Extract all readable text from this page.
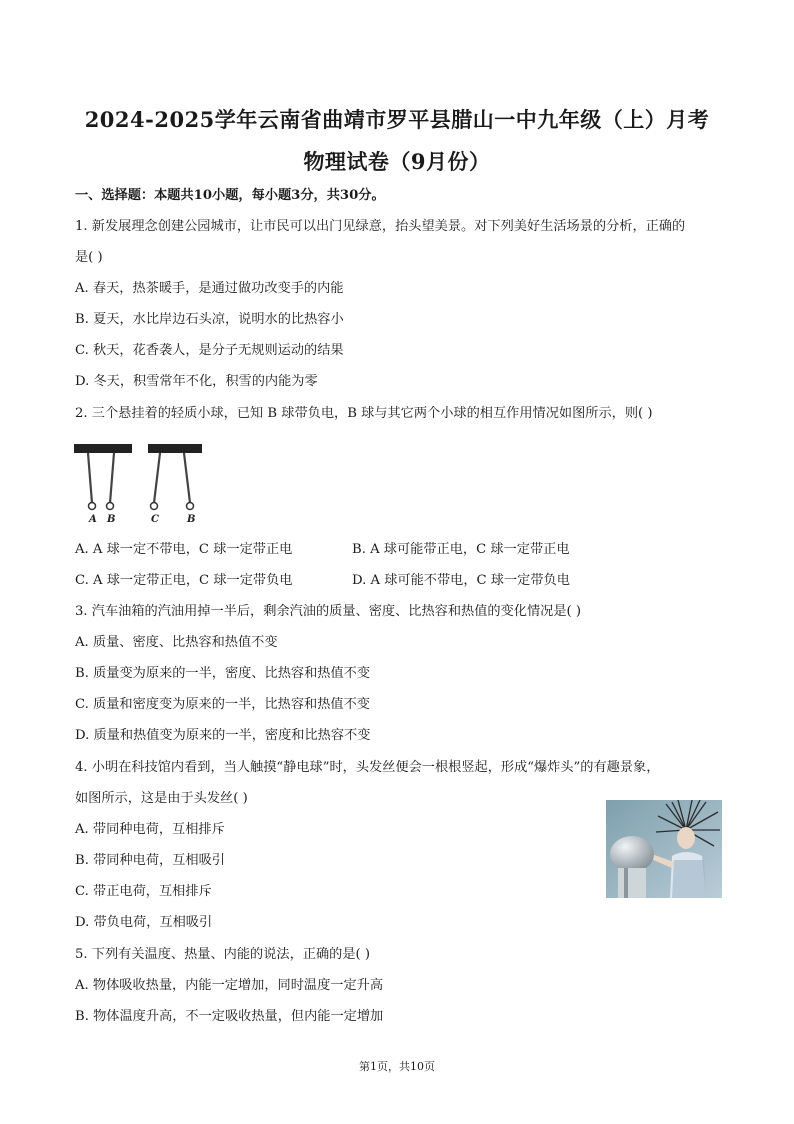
2024-2025学年云南省曲靖市罗平县腊山一中九年级（上）月考
物理试卷（9月份）
一、选择题：本题共10小题，每小题3分，共30分。
1. 新发展理念创建公园城市，让市民可以出门见绿意，抬头望美景。对下列美好生活场景的分析，正确的
是( )
A. 春天，热茶暖手，是通过做功改变手的内能
B. 夏天，水比岸边石头凉，说明水的比热容小
C. 秋天，花香袭人，是分子无规则运动的结果
D. 冬天，积雪常年不化，积雪的内能为零
2. 三个悬挂着的轻质小球，已知 B 球带负电，B 球与其它两个小球的相互作用情况如图所示，则( )
A B	C	B
A. A 球一定不带电，C 球一定带正电	B. A 球可能带正电，C 球一定带正电
C. A 球一定带正电，C 球一定带负电	D. A 球可能不带电，C 球一定带负电
3. 汽车油箱的汽油用掉一半后，剩余汽油的质量、密度、比热容和热值的变化情况是( )
A. 质量、密度、比热容和热值不变
B. 质量变为原来的一半，密度、比热容和热值不变
C. 质量和密度变为原来的一半，比热容和热值不变
D. 质量和热值变为原来的一半，密度和比热容不变
4. 小明在科技馆内看到，当人触摸“静电球”时，头发丝便会一根根竖起，形成“爆炸头”的有趣景象，
如图所示，这是由于头发丝( )
A. 带同种电荷，互相排斥
B. 带同种电荷，互相吸引
C. 带正电荷，互相排斥
D. 带负电荷，互相吸引
5. 下列有关温度、热量、内能的说法，正确的是( )
A. 物体吸收热量，内能一定增加，同时温度一定升高
B. 物体温度升高，不一定吸收热量，但内能一定增加
第1页，共10页
